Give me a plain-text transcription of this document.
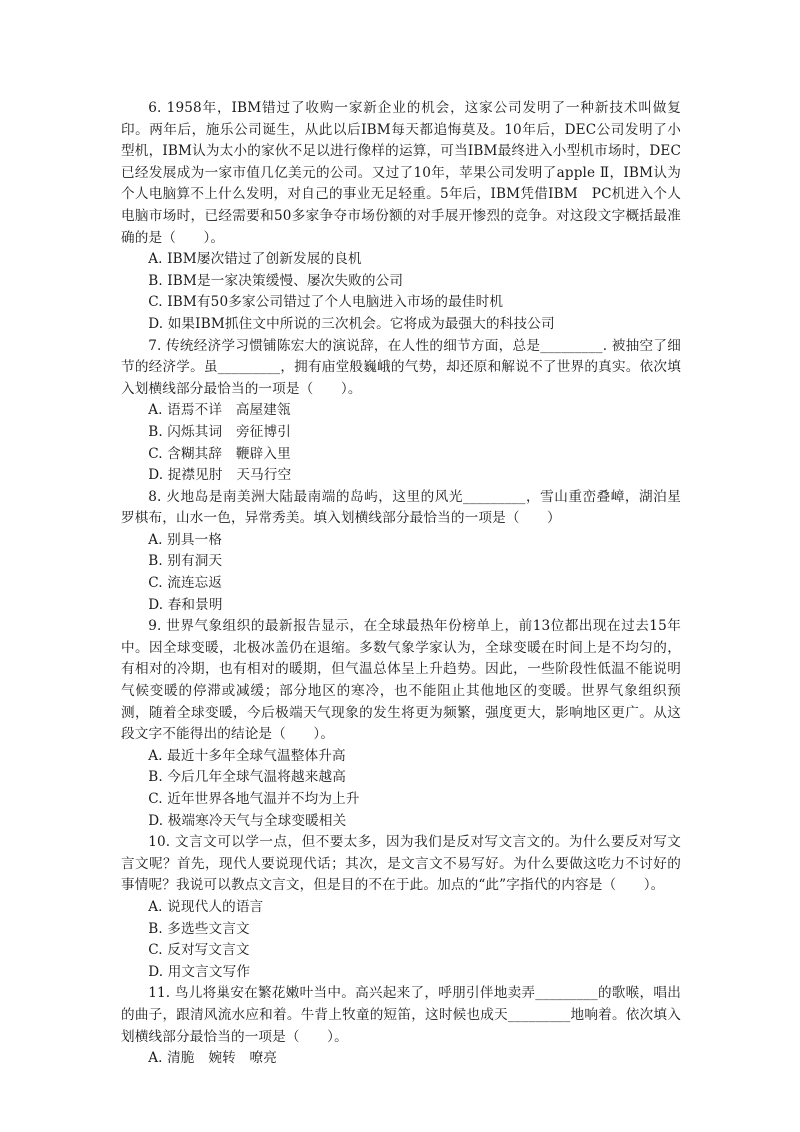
6. 1958年，IBM错过了收购一家新企业的机会，这家公司发明了一种新技术叫做复印。两年后，施乐公司诞生，从此以后IBM每天都追悔莫及。10年后，DEC公司发明了小型机，IBM认为太小的家伙不足以进行像样的运算，可当IBM最终进入小型机市场时，DEC已经发展成为一家市值几亿美元的公司。又过了10年，苹果公司发明了apple Ⅱ，IBM认为个人电脑算不上什么发明，对自己的事业无足轻重。5年后，IBM凭借IBM　PC机进入个人电脑市场时，已经需要和50多家争夺市场份额的对手展开惨烈的竞争。对这段文字概括最准确的是（　　）。

A. IBM屡次错过了创新发展的良机

B. IBM是一家决策缓慢、屡次失败的公司

C. IBM有50多家公司错过了个人电脑进入市场的最佳时机

D. 如果IBM抓住文中所说的三次机会。它将成为最强大的科技公司

7. 传统经济学习惯铺陈宏大的演说辞，在人性的细节方面，总是_________. 被抽空了细节的经济学。虽_________，拥有庙堂般巍峨的气势，却还原和解说不了世界的真实。依次填入划横线部分最恰当的一项是（　　）。

A. 语焉不详　高屋建瓴

B. 闪烁其词　旁征博引

C. 含糊其辞　鞭辟入里

D. 捉襟见肘　天马行空

8. 火地岛是南美洲大陆最南端的岛屿，这里的风光_________，雪山重峦叠嶂，湖泊星罗棋布，山水一色，异常秀美。填入划横线部分最恰当的一项是（　　）

A. 别具一格

B. 别有洞天

C. 流连忘返

D. 春和景明

9. 世界气象组织的最新报告显示，在全球最热年份榜单上，前13位都出现在过去15年中。因全球变暖，北极冰盖仍在退缩。多数气象学家认为，全球变暖在时间上是不均匀的，有相对的冷期，也有相对的暖期，但气温总体呈上升趋势。因此，一些阶段性低温不能说明气候变暖的停滞或减缓；部分地区的寒冷，也不能阻止其他地区的变暖。世界气象组织预测，随着全球变暖，今后极端天气现象的发生将更为频繁，强度更大，影响地区更广。从这段文字不能得出的结论是（　　）。

A. 最近十多年全球气温整体升高

B. 今后几年全球气温将越来越高

C. 近年世界各地气温并不均为上升

D. 极端寒冷天气与全球变暖相关

10. 文言文可以学一点，但不要太多，因为我们是反对写文言文的。为什么要反对写文言文呢？首先，现代人要说现代话；其次，是文言文不易写好。为什么要做这吃力不讨好的事情呢？我说可以教点文言文，但是目的不在于此。加点的“此”字指代的内容是（　　）。

A. 说现代人的语言

B. 多选些文言文

C. 反对写文言文

D. 用文言文写作

11. 鸟儿将巢安在繁花嫩叶当中。高兴起来了，呼朋引伴地卖弄_________的歌喉，唱出的曲子，跟清风流水应和着。牛背上牧童的短笛，这时候也成天_________地响着。依次填入划横线部分最恰当的一项是（　　）。

A. 清脆　婉转　嘹亮
